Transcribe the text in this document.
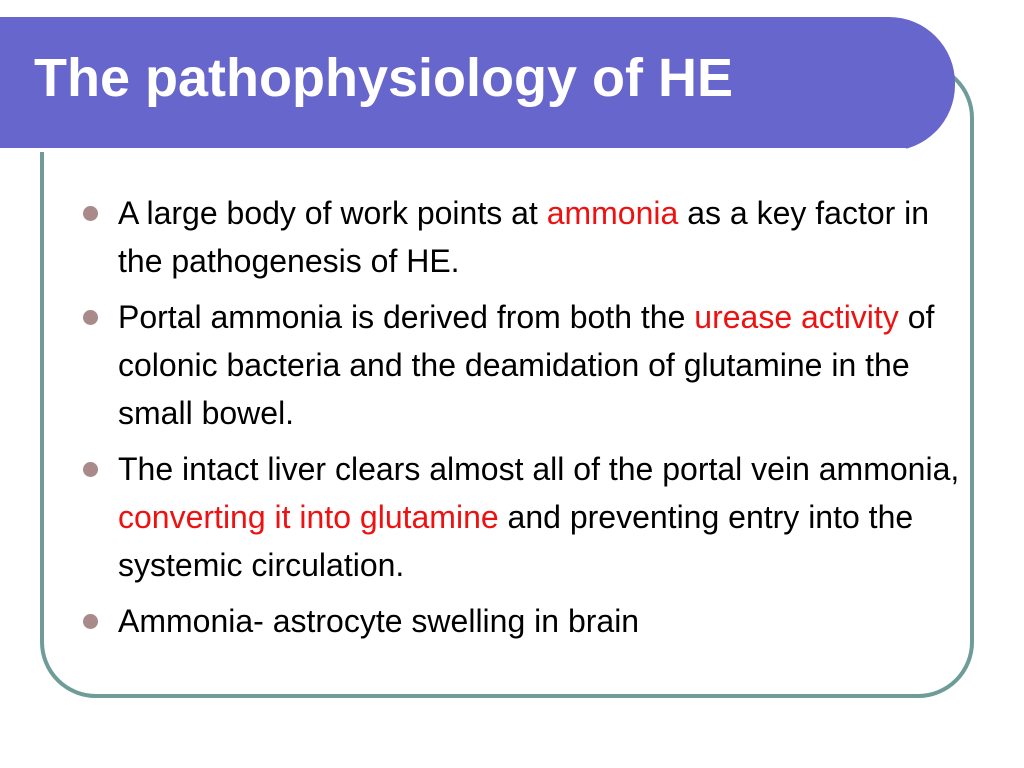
The pathophysiology of HE
A large body of work points at ammonia as a key factor in the pathogenesis of HE.
Portal ammonia is derived from both the urease activity of colonic bacteria and the deamidation of glutamine in the small bowel.
The intact liver clears almost all of the portal vein ammonia, converting it into glutamine and preventing entry into the systemic circulation.
Ammonia- astrocyte swelling in brain
